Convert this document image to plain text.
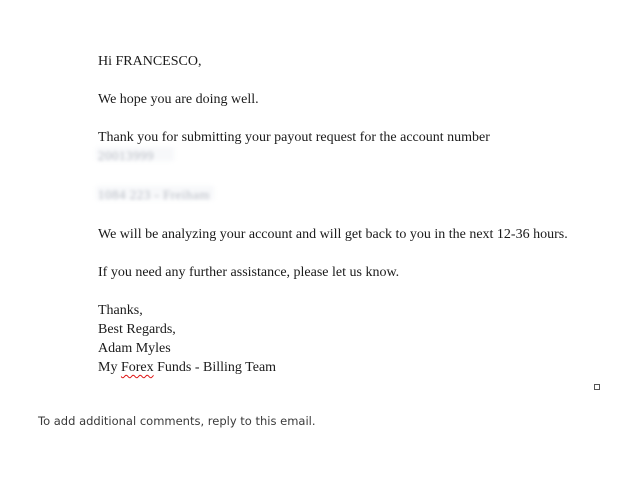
Hi FRANCESCO,
We hope you are doing well.
Thank you for submitting your payout request for the account number
20013999
1084 223 - Freiham
We will be analyzing your account and will get back to you in the next 12-36 hours.
If you need any further assistance, please let us know.
Thanks,
Best Regards,
Adam Myles
My Forex Funds - Billing Team
To add additional comments, reply to this email.
